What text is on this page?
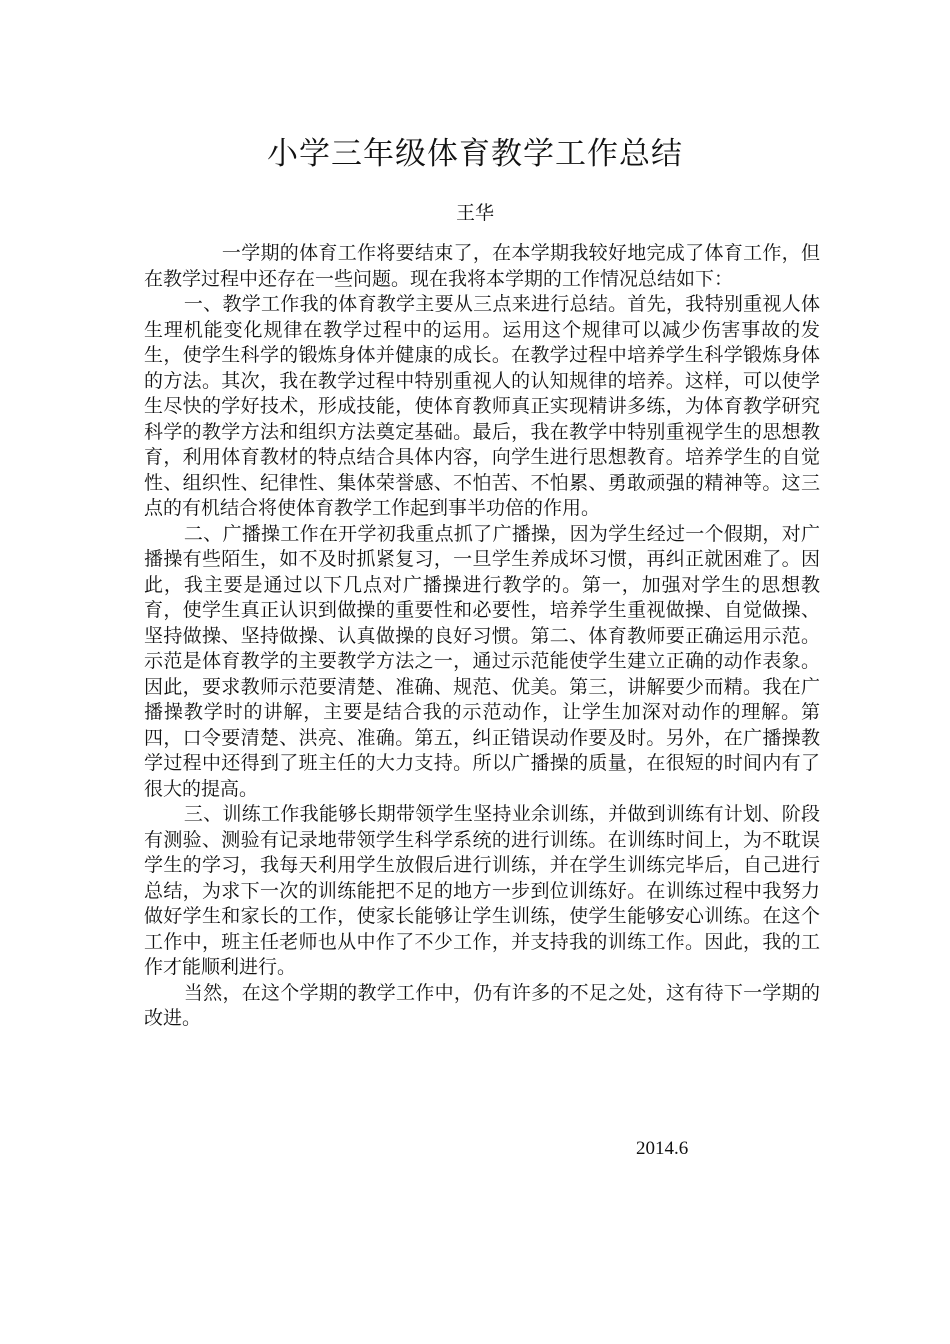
小学三年级体育教学工作总结
王华

一学期的体育工作将要结束了，在本学期我较好地完成了体育工作，但在教学过程中还存在一些问题。现在我将本学期的工作情况总结如下：

一、教学工作我的体育教学主要从三点来进行总结。首先，我特别重视人体生理机能变化规律在教学过程中的运用。运用这个规律可以减少伤害事故的发生，使学生科学的锻炼身体并健康的成长。在教学过程中培养学生科学锻炼身体的方法。其次，我在教学过程中特别重视人的认知规律的培养。这样，可以使学生尽快的学好技术，形成技能，使体育教师真正实现精讲多练，为体育教学研究科学的教学方法和组织方法奠定基础。最后，我在教学中特别重视学生的思想教育，利用体育教材的特点结合具体内容，向学生进行思想教育。培养学生的自觉性、组织性、纪律性、集体荣誉感、不怕苦、不怕累、勇敢顽强的精神等。这三点的有机结合将使体育教学工作起到事半功倍的作用。

二、广播操工作在开学初我重点抓了广播操，因为学生经过一个假期，对广播操有些陌生，如不及时抓紧复习，一旦学生养成坏习惯，再纠正就困难了。因此，我主要是通过以下几点对广播操进行教学的。第一，加强对学生的思想教育，使学生真正认识到做操的重要性和必要性，培养学生重视做操、自觉做操、坚持做操、坚持做操、认真做操的良好习惯。第二、体育教师要正确运用示范。示范是体育教学的主要教学方法之一，通过示范能使学生建立正确的动作表象。因此，要求教师示范要清楚、准确、规范、优美。第三，讲解要少而精。我在广播操教学时的讲解，主要是结合我的示范动作，让学生加深对动作的理解。第四，口令要清楚、洪亮、准确。第五，纠正错误动作要及时。另外，在广播操教学过程中还得到了班主任的大力支持。所以广播操的质量，在很短的时间内有了很大的提高。

三、训练工作我能够长期带领学生坚持业余训练，并做到训练有计划、阶段有测验、测验有记录地带领学生科学系统的进行训练。在训练时间上，为不耽误学生的学习，我每天利用学生放假后进行训练，并在学生训练完毕后，自己进行总结，为求下一次的训练能把不足的地方一步到位训练好。在训练过程中我努力做好学生和家长的工作，使家长能够让学生训练，使学生能够安心训练。在这个工作中，班主任老师也从中作了不少工作，并支持我的训练工作。因此，我的工作才能顺利进行。

当然，在这个学期的教学工作中，仍有许多的不足之处，这有待下一学期的改进。

2014.6
